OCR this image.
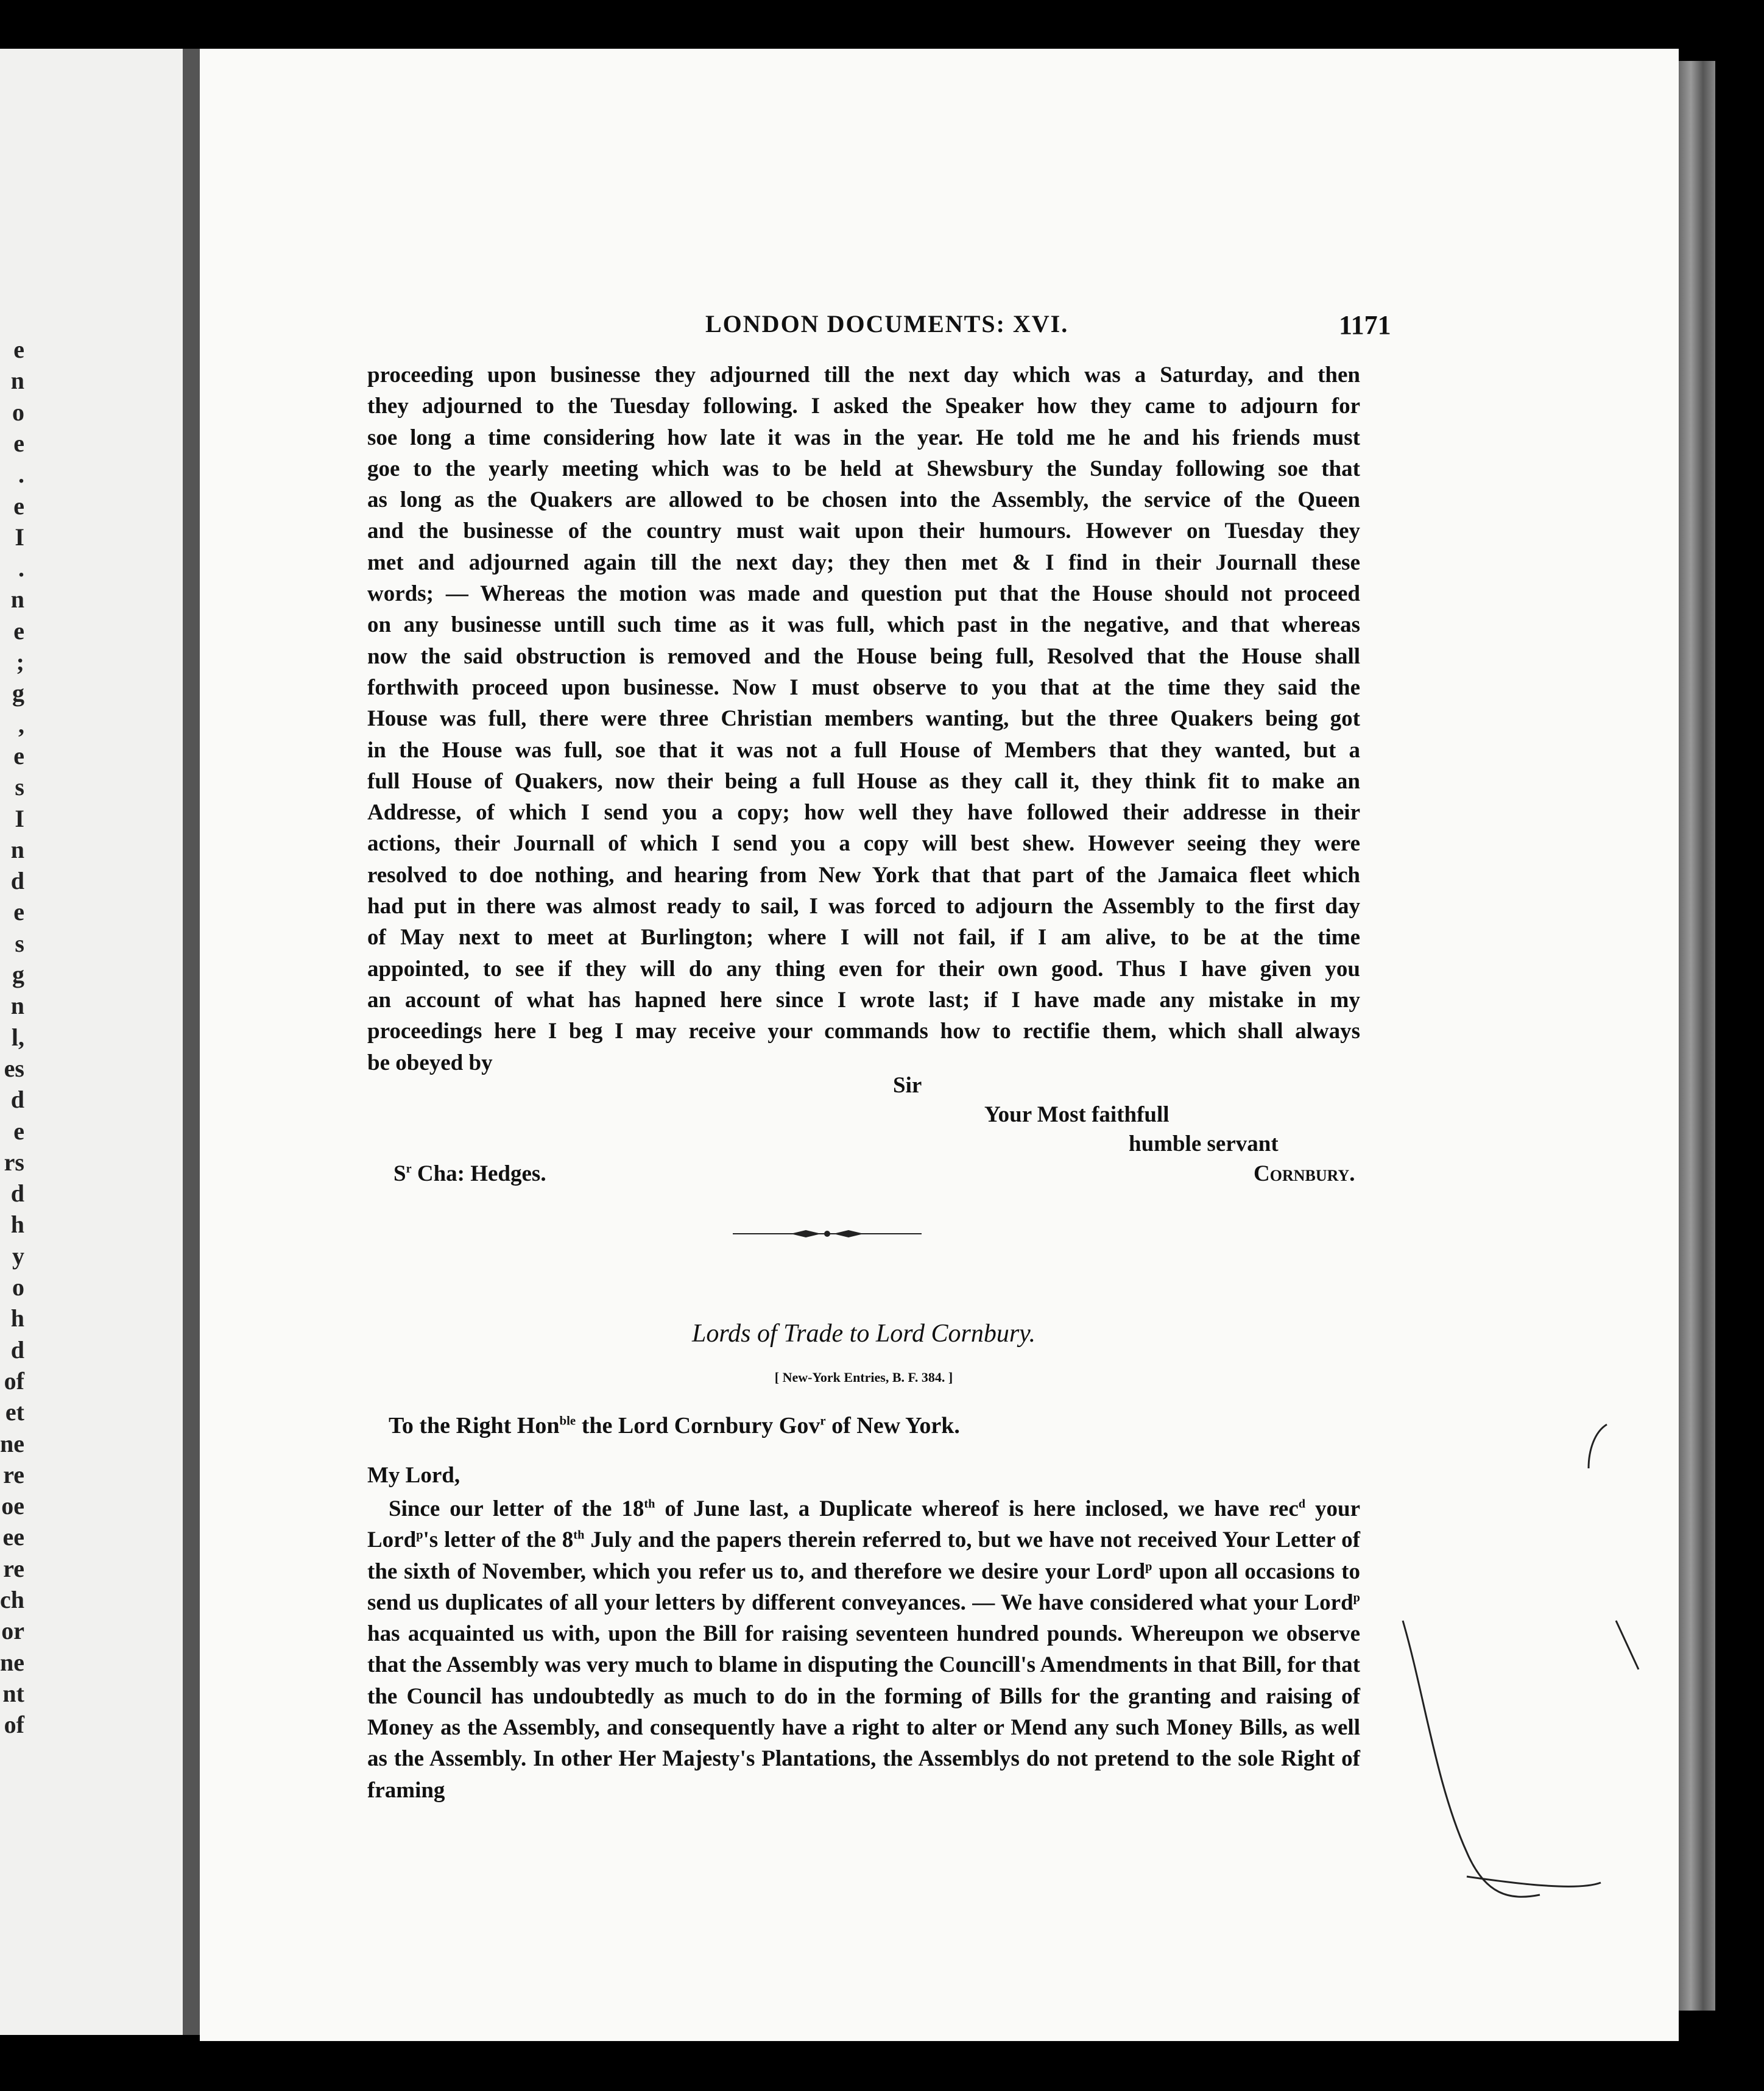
e
n
o
e
.
e
I
.
n
e
;
g
,
e
s
I
n
d
e
s
g
n
l,
es
d
e
rs
d
h
y
o
h
d
of
et
ne
re
oe
ee
re
ch
or
ne
nt
of
LONDON DOCUMENTS: XVI.	1171

proceeding upon businesse they adjourned till the next day which was a Saturday, and then

they adjourned to the Tuesday following. I asked the Speaker how they came to adjourn for

soe long a time considering how late it was in the year. He told me he and his friends must

goe to the yearly meeting which was to be held at Shewsbury the Sunday following soe that

as long as the Quakers are allowed to be chosen into the Assembly, the service of the Queen

and the businesse of the country must wait upon their humours. However on Tuesday they

met and adjourned again till the next day; they then met & I find in their Journall these

words; — Whereas the motion was made and question put that the House should not proceed

on any businesse untill such time as it was full, which past in the negative, and that whereas

now the said obstruction is removed and the House being full, Resolved that the House shall

forthwith proceed upon businesse. Now I must observe to you that at the time they said the

House was full, there were three Christian members wanting, but the three Quakers being got

in the House was full, soe that it was not a full House of Members that they wanted, but a

full House of Quakers, now their being a full House as they call it, they think fit to make an

Addresse, of which I send you a copy; how well they have followed their addresse in their

actions, their Journall of which I send you a copy will best shew. However seeing they were

resolved to doe nothing, and hearing from New York that that part of the Jamaica fleet which

had put in there was almost ready to sail, I was forced to adjourn the Assembly to the first day

of May next to meet at Burlington; where I will not fail, if I am alive, to be at the time

appointed, to see if they will do any thing even for their own good. Thus I have given you

an account of what has hapned here since I wrote last; if I have made any mistake in my

proceedings here I beg I may receive your commands how to rectifie them, which shall always

be obeyed by

Sir
Your Most faithfull
humble servant
$S^r$ Cha: Hedges.	Cornbury.
Lords of Trade to Lord Cornbury.
[ New-York Entries, B. F. 384. ]
To the Right Hon$^{ble}$ the Lord Cornbury Gov$^r$ of New York.
My Lord,
Since our letter of the 18th of June last, a Duplicate whereof is here inclosed, we have rec$^d$ your Lord$^p$'s letter of the 8th July and the papers therein referred to, but we have not received Your Letter of the sixth of November, which you refer us to, and therefore we desire your Lord$^p$ upon all occasions to send us duplicates of all your letters by different conveyances. — We have considered what your Lord$^p$ has acquainted us with, upon the Bill for raising seventeen hundred pounds. Whereupon we observe that the Assembly was very much to blame in disputing the Councill's Amendments in that Bill, for that the Council has undoubtedly as much to do in the forming of Bills for the granting and raising of Money as the Assembly, and consequently have a right to alter or Mend any such Money Bills, as well as the Assembly. In other Her Majesty's Plantations, the Assemblys do not pretend to the sole Right of framing
